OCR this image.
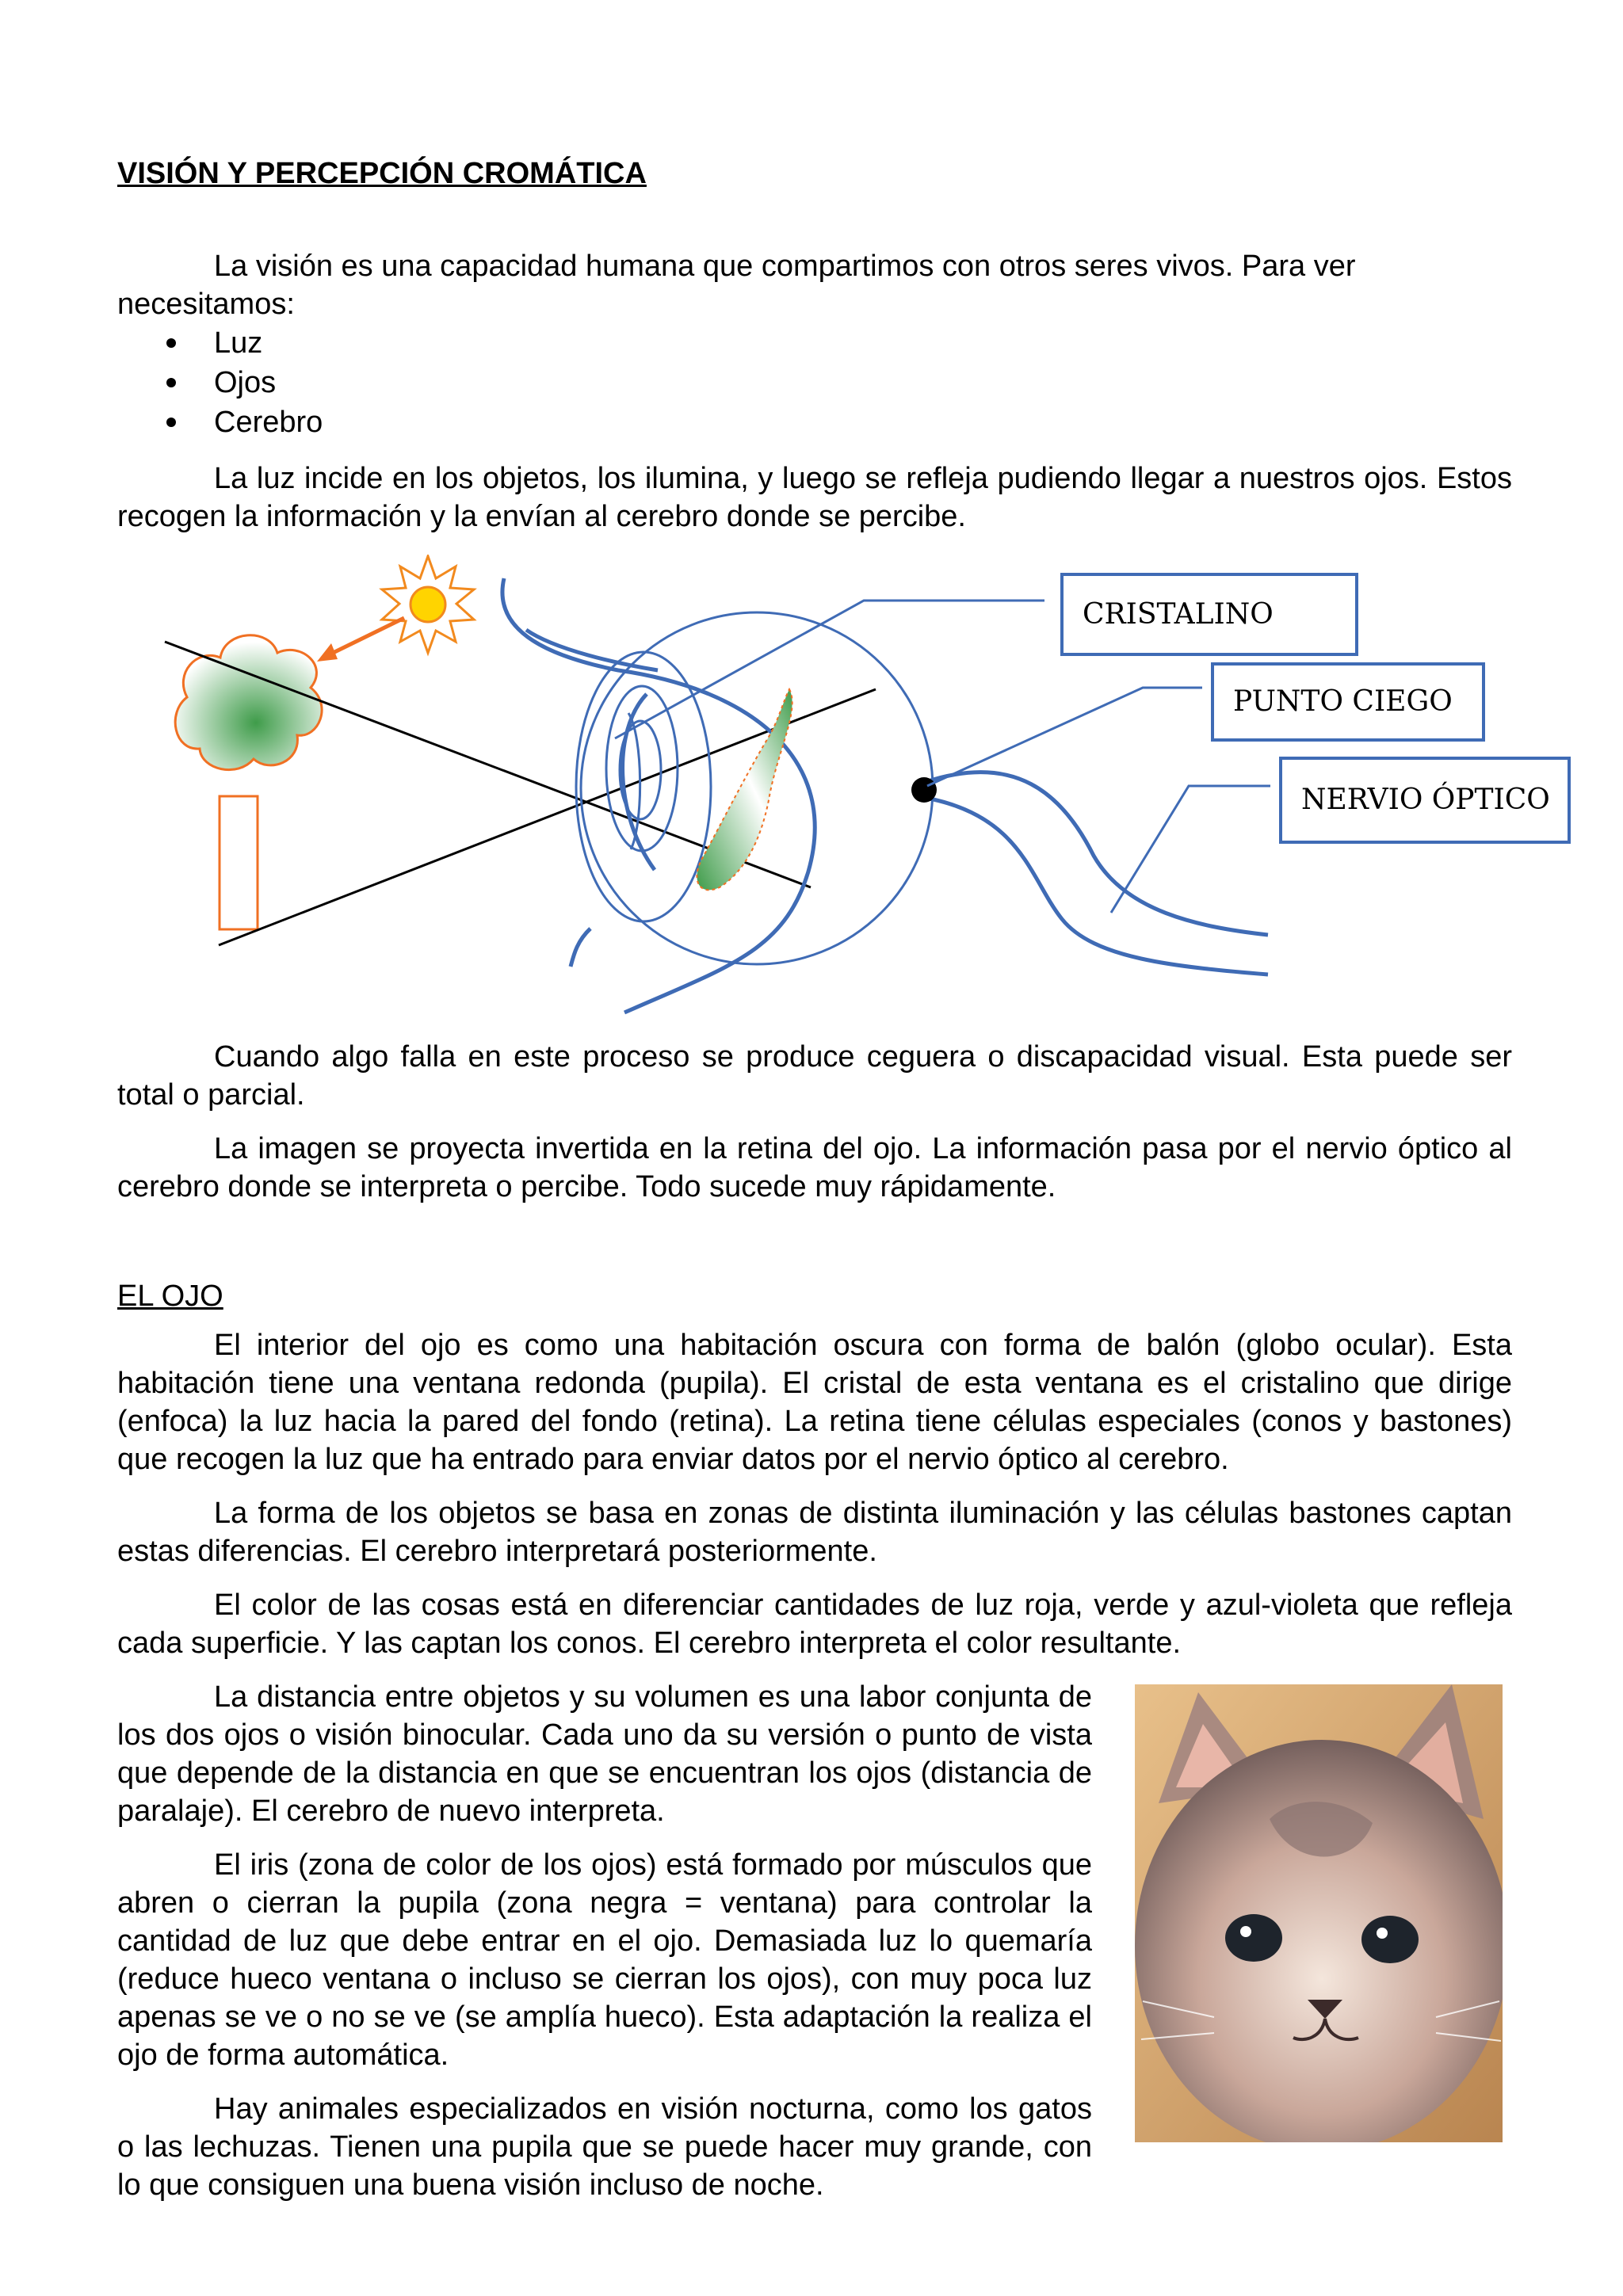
VISIÓN Y PERCEPCIÓN CROMÁTICA

La visión es una capacidad humana que compartimos con otros seres vivos. Para ver necesitamos:

Luz
Ojos
Cerebro

La luz incide en los objetos, los ilumina, y luego se refleja pudiendo llegar a nuestros ojos. Estos recogen la información y la envían al cerebro donde se percibe.

CRISTALINO
PUNTO CIEGO
NERVIO ÓPTICO

Cuando algo falla en este proceso se produce ceguera o discapacidad visual. Esta puede ser total o parcial.

La imagen se proyecta invertida en la retina del ojo. La información pasa por el nervio óptico al cerebro donde se interpreta o percibe. Todo sucede muy rápidamente.

EL OJO

El interior del ojo es como una habitación oscura con forma de balón (globo ocular). Esta habitación tiene una ventana redonda (pupila). El cristal de esta ventana es el cristalino que dirige (enfoca) la luz hacia la pared del fondo (retina). La retina tiene células especiales (conos y bastones) que recogen la luz que ha entrado para enviar datos por el nervio óptico al cerebro.

La forma de los objetos se basa en zonas de distinta iluminación y las células bastones captan estas diferencias. El cerebro interpretará posteriormente.

El color de las cosas está en diferenciar cantidades de luz roja, verde y azul-violeta que refleja cada superficie. Y las captan los conos. El cerebro interpreta el color resultante.

La distancia entre objetos y su volumen es una labor conjunta de los dos ojos o visión binocular. Cada uno da su versión o punto de vista que depende de la distancia en que se encuentran los ojos (distancia de paralaje). El cerebro de nuevo interpreta.

El iris (zona de color de los ojos) está formado por músculos que abren o cierran la pupila (zona negra = ventana) para controlar la cantidad de luz que debe entrar en el ojo. Demasiada luz lo quemaría (reduce hueco ventana o incluso se cierran los ojos), con muy poca luz apenas se ve o no se ve (se amplía hueco). Esta adaptación la realiza el ojo de forma automática.

Hay animales especializados en visión nocturna, como los gatos o las lechuzas. Tienen una pupila que se puede hacer muy grande, con lo que consiguen una buena visión incluso de noche.
